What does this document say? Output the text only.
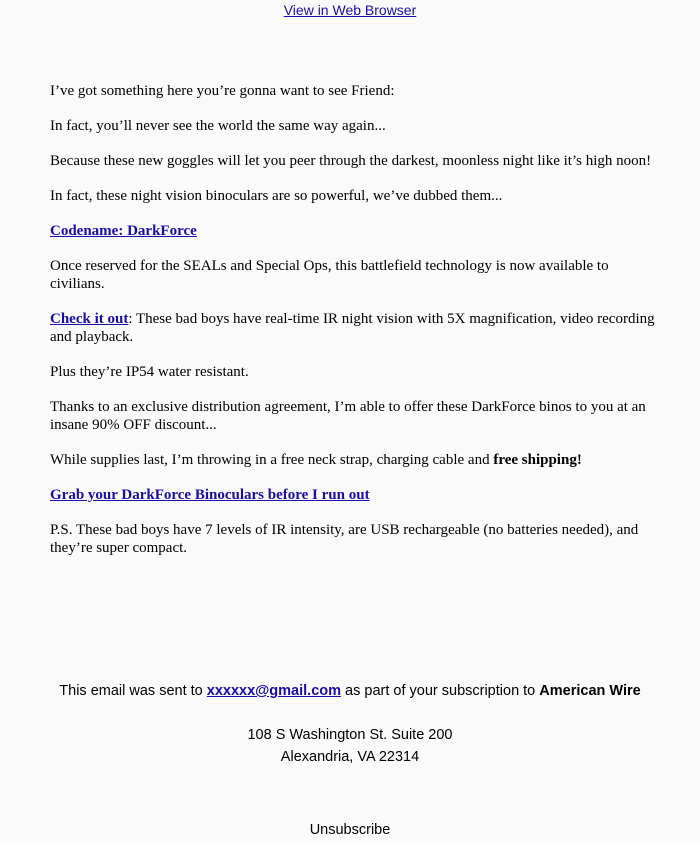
View in Web Browser

I’ve got something here you’re gonna want to see Friend:

In fact, you’ll never see the world the same way again...

Because these new goggles will let you peer through the darkest, moonless night like it’s high noon!

In fact, these night vision binoculars are so powerful, we’ve dubbed them...

Codename: DarkForce

Once reserved for the SEALs and Special Ops, this battlefield technology is now available to civilians.

Check it out: These bad boys have real-time IR night vision with 5X magnification, video recording and playback.

Plus they’re IP54 water resistant.

Thanks to an exclusive distribution agreement, I’m able to offer these DarkForce binos to you at an insane 90% OFF discount...

While supplies last, I’m throwing in a free neck strap, charging cable and free shipping!

Grab your DarkForce Binoculars before I run out

P.S. These bad boys have 7 levels of IR intensity, are USB rechargeable (no batteries needed), and they’re super compact.

This email was sent to xxxxxx@gmail.com as part of your subscription to American Wire
108 S Washington St. Suite 200
Alexandria, VA 22314
Unsubscribe
